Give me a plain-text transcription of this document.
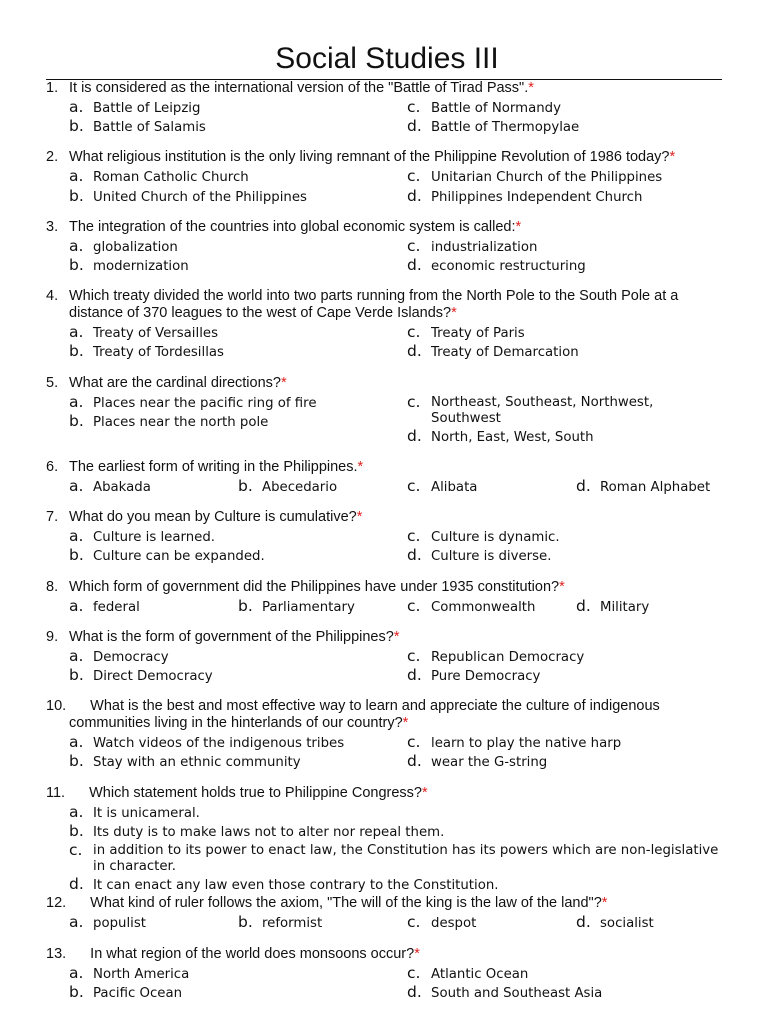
Social Studies III
1. It is considered as the international version of the "Battle of Tirad Pass".*
a. Battle of Leipzig
b. Battle of Salamis
c. Battle of Normandy
d. Battle of Thermopylae
2. What religious institution is the only living remnant of the Philippine Revolution of 1986 today?*
a. Roman Catholic Church
b. United Church of the Philippines
c. Unitarian Church of the Philippines
d. Philippines Independent Church
3. The integration of the countries into global economic system is called:*
a. globalization
b. modernization
c. industrialization
d. economic restructuring
4. Which treaty divided the world into two parts running from the North Pole to the South Pole at a distance of 370 leagues to the west of Cape Verde Islands?*
a. Treaty of Versailles
b. Treaty of Tordesillas
c. Treaty of Paris
d. Treaty of Demarcation
5. What are the cardinal directions?*
a. Places near the pacific ring of fire
b. Places near the north pole
c. Northeast, Southeast, Northwest, Southwest
d. North, East, West, South
6. The earliest form of writing in the Philippines.*
a. Abakada	b. Abecedario	c. Alibata	d. Roman Alphabet
7. What do you mean by Culture is cumulative?*
a. Culture is learned.
b. Culture can be expanded.
c. Culture is dynamic.
d. Culture is diverse.
8. Which form of government did the Philippines have under 1935 constitution?*
a. federal	b. Parliamentary	c. Commonwealth	d. Military
9. What is the form of government of the Philippines?*
a. Democracy
b. Direct Democracy
c. Republican Democracy
d. Pure Democracy
10. What is the best and most effective way to learn and appreciate the culture of indigenous communities living in the hinterlands of our country?*
a. Watch videos of the indigenous tribes
b. Stay with an ethnic community
c. learn to play the native harp
d. wear the G-string
11. Which statement holds true to Philippine Congress?*
a. It is unicameral.
b. Its duty is to make laws not to alter nor repeal them.
c. in addition to its power to enact law, the Constitution has its powers which are non-legislative in character.
d. It can enact any law even those contrary to the Constitution.
12. What kind of ruler follows the axiom, "The will of the king is the law of the land"?*
a. populist	b. reformist	c. despot	d. socialist
13. In what region of the world does monsoons occur?*
a. North America
b. Pacific Ocean
c. Atlantic Ocean
d. South and Southeast Asia
